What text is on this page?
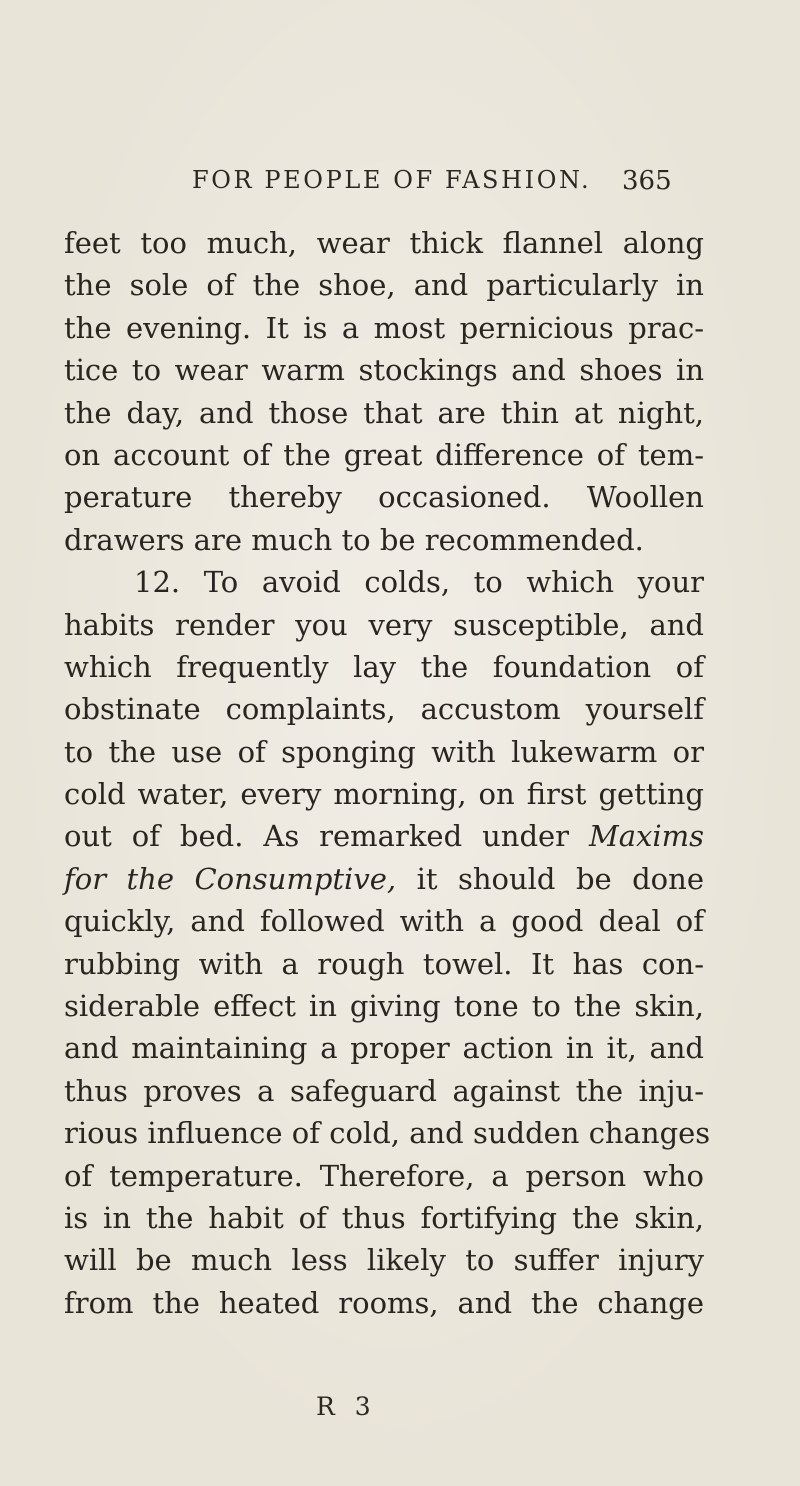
FOR PEOPLE OF FASHION. 365
feet too much, wear thick flannel along
the sole of the shoe, and particularly in
the evening. It is a most pernicious prac-
tice to wear warm stockings and shoes in
the day, and those that are thin at night,
on account of the great difference of tem-
perature thereby occasioned. Woollen
drawers are much to be recommended.
12. To avoid colds, to which your
habits render you very susceptible, and
which frequently lay the foundation of
obstinate complaints, accustom yourself
to the use of sponging with lukewarm or
cold water, every morning, on first getting
out of bed. As remarked under Maxims
for the Consumptive, it should be done
quickly, and followed with a good deal of
rubbing with a rough towel. It has con-
siderable effect in giving tone to the skin,
and maintaining a proper action in it, and
thus proves a safeguard against the inju-
rious influence of cold, and sudden changes
of temperature. Therefore, a person who
is in the habit of thus fortifying the skin,
will be much less likely to suffer injury
from the heated rooms, and the change
R 3
